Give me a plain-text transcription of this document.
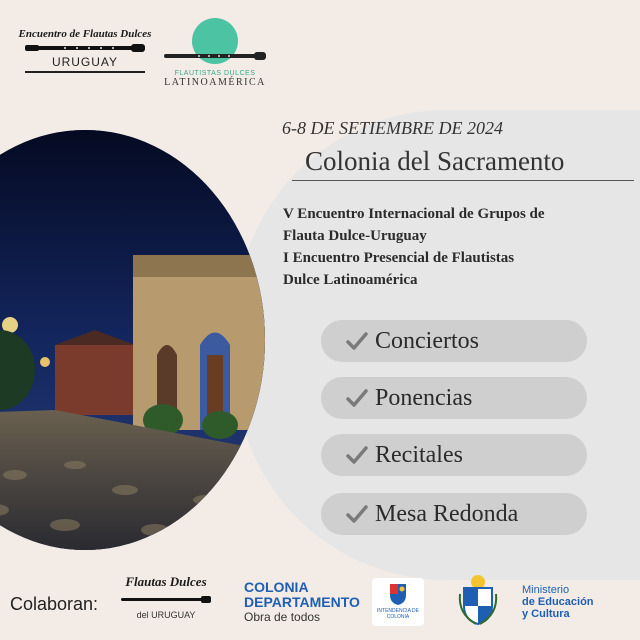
Encuentro de Flautas Dulces
URUGUAY
FLAUTISTAS DULCES
LATINOAMÉRICA
6-8 DE SETIEMBRE DE 2024
Colonia del Sacramento
V Encuentro Internacional de Grupos de
Flauta Dulce-Uruguay
I Encuentro Presencial de Flautistas
Dulce Latinoamérica
Conciertos
Ponencias
Recitales
Mesa Redonda
Colaboran:
Flautas Dulces
del URUGUAY
COLONIA
DEPARTAMENTO
Obra de todos	INTENDENCIA DE COLONIA
Ministerio
de Educación
y Cultura
